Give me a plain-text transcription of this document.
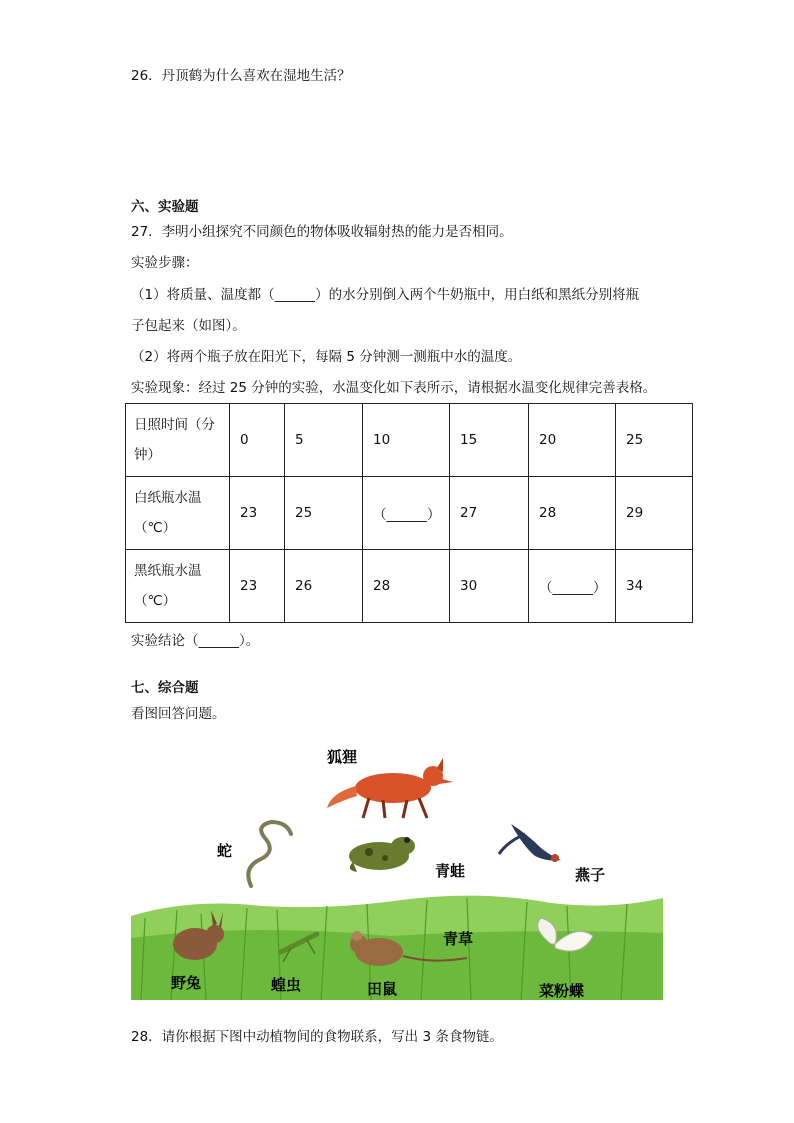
26．丹顶鹤为什么喜欢在湿地生活？
六、实验题
27．李明小组探究不同颜色的物体吸收辐射热的能力是否相同。
实验步骤：
（1）将质量、温度都（______）的水分别倒入两个牛奶瓶中，用白纸和黑纸分别将瓶
子包起来（如图）。
（2）将两个瓶子放在阳光下，每隔 5 分钟测一测瓶中水的温度。
实验现象：经过 25 分钟的实验，水温变化如下表所示，请根据水温变化规律完善表格。
日照时间（分
钟）	0	5	10	15	20	25
白纸瓶水温
（℃）	23	25	（______）	27	28	29
黑纸瓶水温
（℃）	23	26	28	30	（______）	34
实验结论（______）。
七、综合题
看图回答问题。
狐狸
蛇
青蛙	燕子
青草
野兔	蝗虫	田鼠	菜粉蝶
28．请你根据下图中动植物间的食物联系，写出 3 条食物链。
